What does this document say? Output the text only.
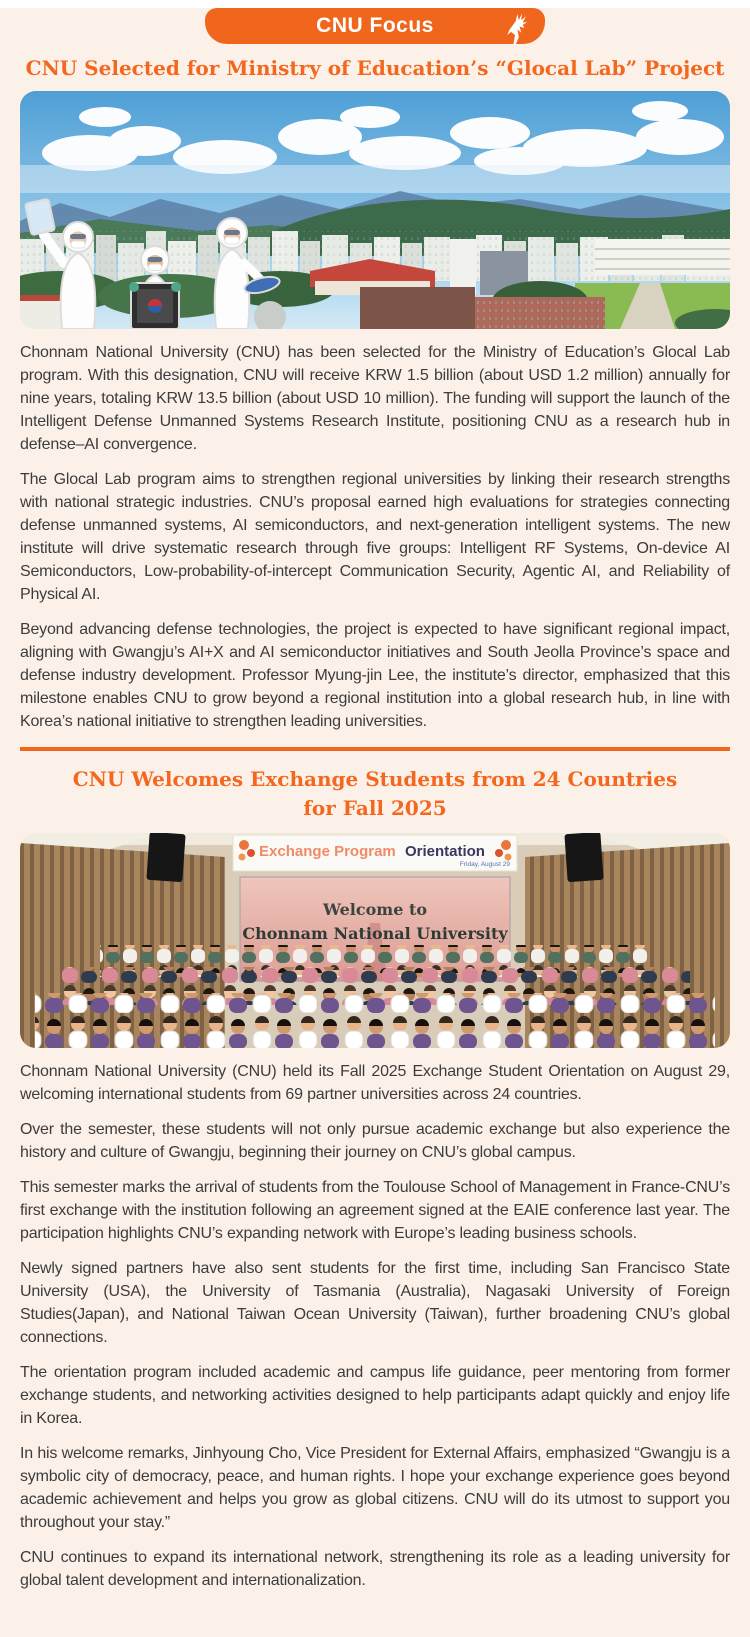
CNU Focus
CNU Selected for Ministry of Education’s “Glocal Lab” Project

Chonnam National University (CNU) has been selected for the Ministry of Education’s Glocal Lab program. With this designation, CNU will receive KRW 1.5 billion (about USD 1.2 million) annually for nine years, totaling KRW 13.5 billion (about USD 10 million). The funding will support the launch of the Intelligent Defense Unmanned Systems Research Institute, positioning CNU as a research hub in defense–AI convergence.

The Glocal Lab program aims to strengthen regional universities by linking their research strengths with national strategic industries. CNU’s proposal earned high evaluations for strategies connecting defense unmanned systems, AI semiconductors, and next-generation intelligent systems. The new institute will drive systematic research through five groups: Intelligent RF Systems, On-device AI Semiconductors, Low-probability-of-intercept Communication Security, Agentic AI, and Reliability of Physical AI.

Beyond advancing defense technologies, the project is expected to have significant regional impact, aligning with Gwangju’s AI+X and AI semiconductor initiatives and South Jeolla Province’s space and defense industry development. Professor Myung-jin Lee, the institute’s director, emphasized that this milestone enables CNU to grow beyond a regional institution into a global research hub, in line with Korea’s national initiative to strengthen leading universities.

CNU Welcomes Exchange Students from 24 Countries for Fall 2025
Exchange Program Orientation
Friday, August 29
Welcome to
Chonnam National University

Chonnam National University (CNU) held its Fall 2025 Exchange Student Orientation on August 29, welcoming international students from 69 partner universities across 24 countries.

Over the semester, these students will not only pursue academic exchange but also experience the history and culture of Gwangju, beginning their journey on CNU’s global campus.

This semester marks the arrival of students from the Toulouse School of Management in France-CNU’s first exchange with the institution following an agreement signed at the EAIE conference last year. The participation highlights CNU’s expanding network with Europe’s leading business schools.

Newly signed partners have also sent students for the first time, including San Francisco State University (USA), the University of Tasmania (Australia), Nagasaki University of Foreign Studies(Japan), and National Taiwan Ocean University (Taiwan), further broadening CNU’s global connections.

The orientation program included academic and campus life guidance, peer mentoring from former exchange students, and networking activities designed to help participants adapt quickly and enjoy life in Korea.

In his welcome remarks, Jinhyoung Cho, Vice President for External Affairs, emphasized “Gwangju is a symbolic city of democracy, peace, and human rights. I hope your exchange experience goes beyond academic achievement and helps you grow as global citizens. CNU will do its utmost to support you throughout your stay.”

CNU continues to expand its international network, strengthening its role as a leading university for global talent development and internationalization.
